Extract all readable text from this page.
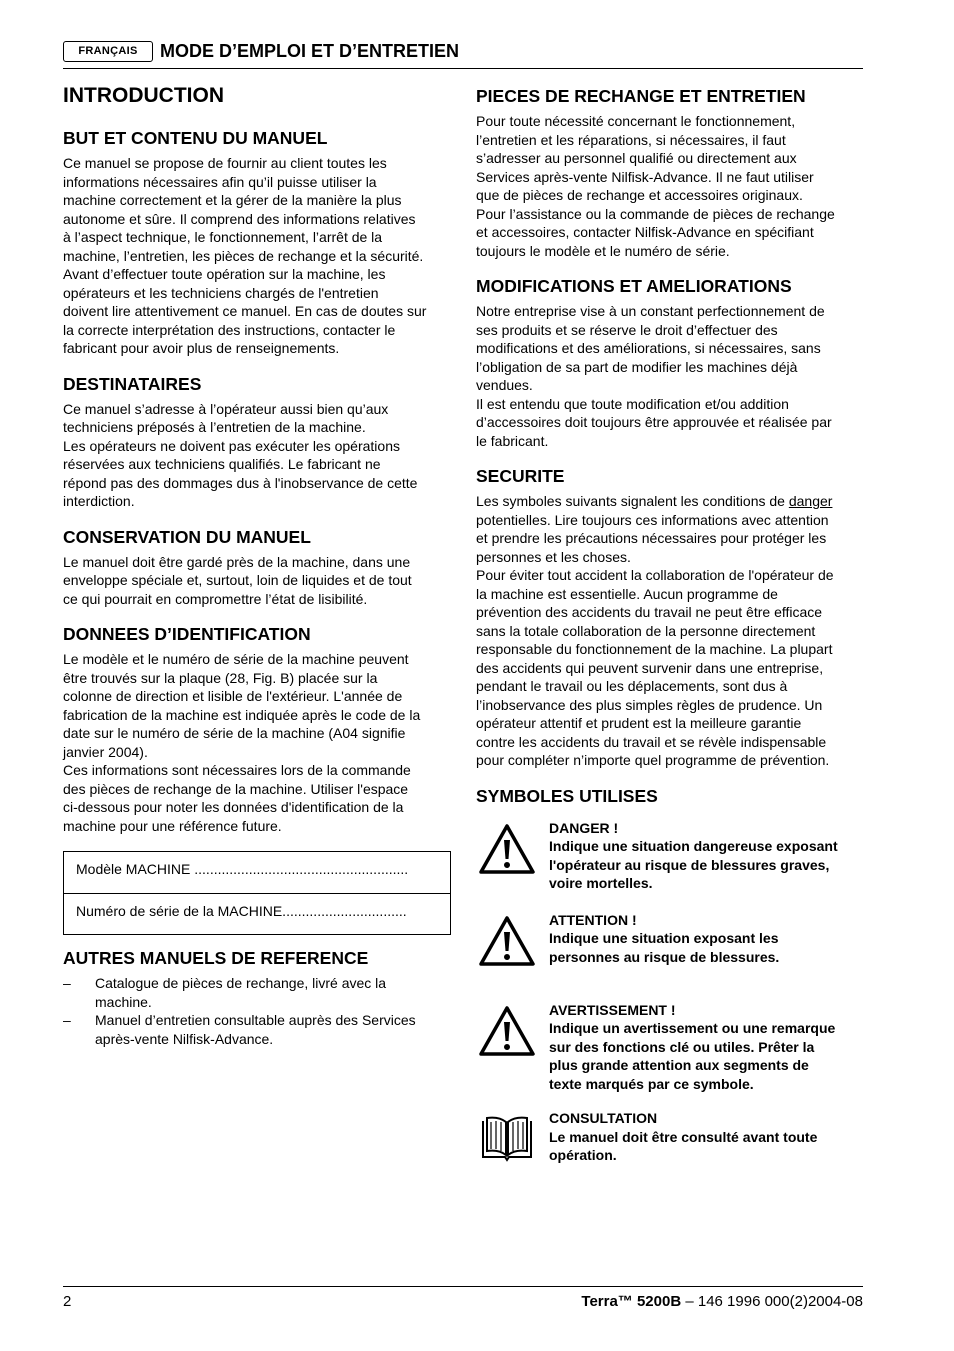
FRANÇAIS	MODE D’EMPLOI ET D’ENTRETIEN
INTRODUCTION
BUT ET CONTENU DU MANUEL

Ce manuel se propose de fournir au client toutes les
informations nécessaires afin qu’il puisse utiliser la
machine correctement et la gérer de la manière la plus
autonome et sûre. Il comprend des informations relatives
à l’aspect technique, le fonctionnement, l’arrêt de la
machine, l’entretien, les pièces de rechange et la sécurité.
Avant d’effectuer toute opération sur la machine, les
opérateurs et les techniciens chargés de l'entretien
doivent lire attentivement ce manuel. En cas de doutes sur
la correcte interprétation des instructions, contacter le
fabricant pour avoir plus de renseignements.

DESTINATAIRES

Ce manuel s’adresse à l’opérateur aussi bien qu’aux
techniciens préposés à l’entretien de la machine.
Les opérateurs ne doivent pas exécuter les opérations
réservées aux techniciens qualifiés. Le fabricant ne
répond pas des dommages dus à l'inobservance de cette
interdiction.

CONSERVATION DU MANUEL

Le manuel doit être gardé près de la machine, dans une
enveloppe spéciale et, surtout, loin de liquides et de tout
ce qui pourrait en compromettre l’état de lisibilité.

DONNEES D’IDENTIFICATION

Le modèle et le numéro de série de la machine peuvent
être trouvés sur la plaque (28, Fig. B) placée sur la
colonne de direction et lisible de l'extérieur. L'année de
fabrication de la machine est indiquée après le code de la
date sur le numéro de série de la machine (A04 signifie
janvier 2004).
Ces informations sont nécessaires lors de la commande
des pièces de rechange de la machine. Utiliser l'espace
ci-dessous pour noter les données d'identification de la
machine pour une référence future.

Modèle MACHINE .......................................................
Numéro de série de la MACHINE................................
AUTRES MANUELS DE REFERENCE
– Catalogue de pièces de rechange, livré avec la
machine.
– Manuel d’entretien consultable auprès des Services
après-vente Nilfisk-Advance.
PIECES DE RECHANGE ET ENTRETIEN

Pour toute nécessité concernant le fonctionnement,
l’entretien et les réparations, si nécessaires, il faut
s’adresser au personnel qualifié ou directement aux
Services après-vente Nilfisk-Advance. Il ne faut utiliser
que de pièces de rechange et accessoires originaux.
Pour l’assistance ou la commande de pièces de rechange
et accessoires, contacter Nilfisk-Advance en spécifiant
toujours le modèle et le numéro de série.

MODIFICATIONS ET AMELIORATIONS

Notre entreprise vise à un constant perfectionnement de
ses produits et se réserve le droit d’effectuer des
modifications et des améliorations, si nécessaires, sans
l’obligation de sa part de modifier les machines déjà
vendues.
Il est entendu que toute modification et/ou addition
d’accessoires doit toujours être approuvée et réalisée par
le fabricant.

SECURITE

Les symboles suivants signalent les conditions de danger
potentielles. Lire toujours ces informations avec attention
et prendre les précautions nécessaires pour protéger les
personnes et les choses.
Pour éviter tout accident la collaboration de l'opérateur de
la machine est essentielle. Aucun programme de
prévention des accidents du travail ne peut être efficace
sans la totale collaboration de la personne directement
responsable du fonctionnement de la machine. La plupart
des accidents qui peuvent survenir dans une entreprise,
pendant le travail ou les déplacements, sont dus à
l’inobservance des plus simples règles de prudence. Un
opérateur attentif et prudent est la meilleure garantie
contre les accidents du travail et se révèle indispensable
pour compléter n’importe quel programme de prévention.

SYMBOLES UTILISES
DANGER !
Indique une situation dangereuse exposant
l'opérateur au risque de blessures graves,
voire mortelles.
ATTENTION !
Indique une situation exposant les
personnes au risque de blessures.
AVERTISSEMENT !
Indique un avertissement ou une remarque
sur des fonctions clé ou utiles. Prêter la
plus grande attention aux segments de
texte marqués par ce symbole.
CONSULTATION
Le manuel doit être consulté avant toute
opération.
2	Terra™ 5200B – 146 1996 000(2)2004-08
